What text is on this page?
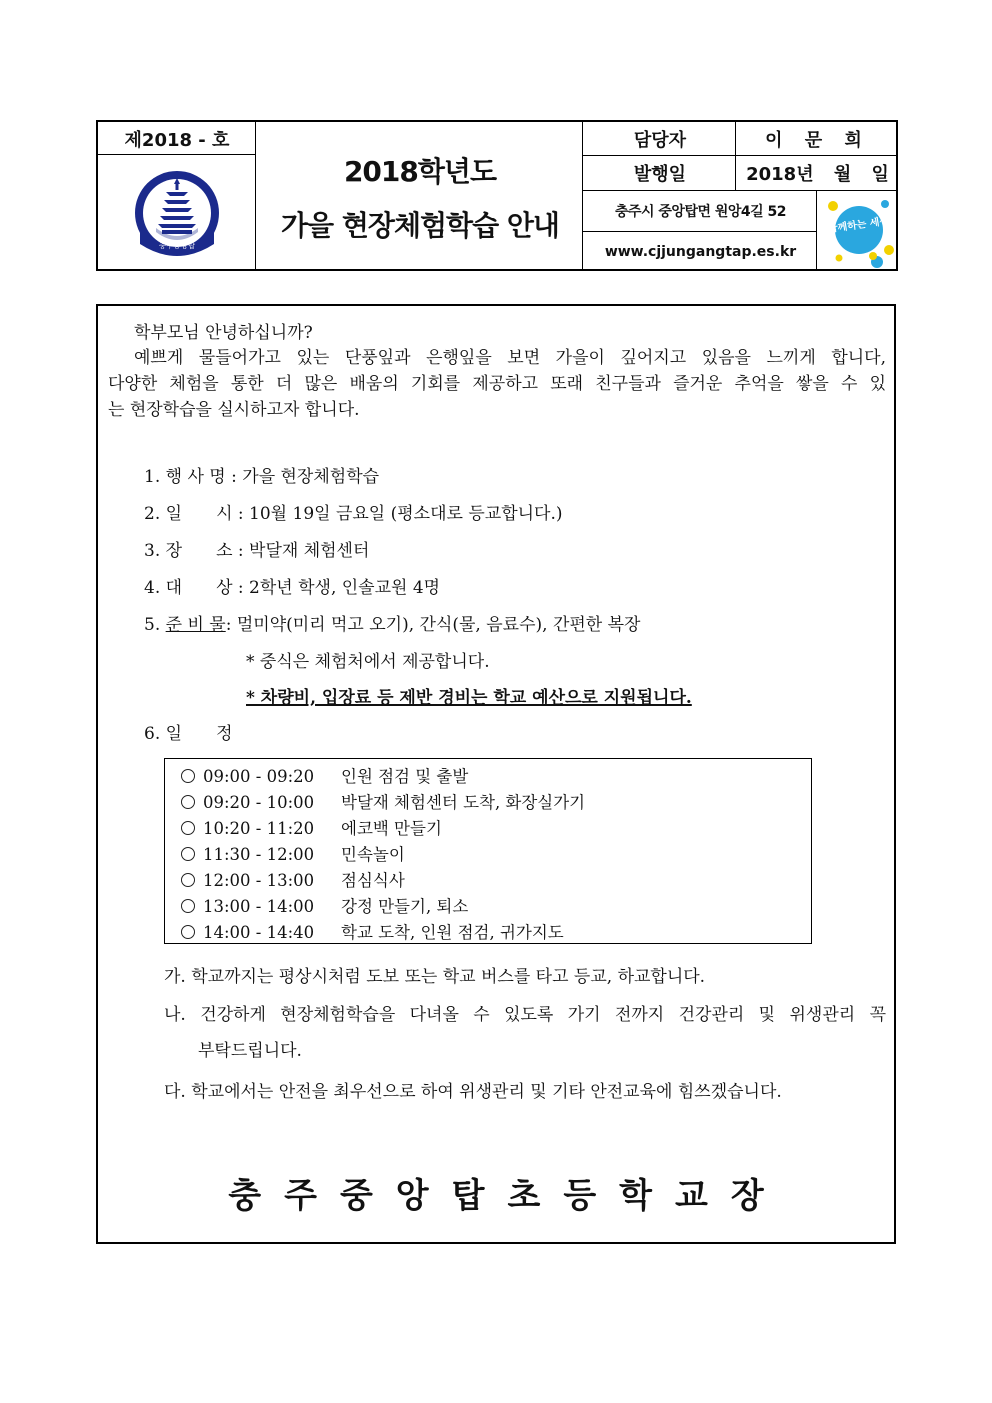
제2018 - 호
충주중앙탑
2018학년도
가을 현장체험학습 안내
담당자	이 문 희
발행일	2018년 월 일
충주시 중앙탑면 원앙4길 52
www.cjjungangtap.es.kr
함께하는 세상
학부모님 안녕하십니까?
예쁘게 물들어가고 있는 단풍잎과 은행잎을 보면 가을이 깊어지고 있음을 느끼게 합니다,
다양한 체험을 통한 더 많은 배움의 기회를 제공하고 또래 친구들과 즐거운 추억을 쌓을 수 있
는 현장학습을 실시하고자 합니다.
1. 행 사 명 : 가을 현장체험학습
2. 일　　시 : 10월 19일 금요일 (평소대로 등교합니다.)
3. 장　　소 : 박달재 체험센터
4. 대　　상 : 2학년 학생, 인솔교원 4명
5. 준 비 물: 멀미약(미리 먹고 오기), 간식(물, 음료수), 간편한 복장
* 중식은 체험처에서 제공합니다.
* 차량비, 입장료 등 제반 경비는 학교 예산으로 지원됩니다.
6. 일　　정
09:00 - 09:20 인원 점검 및 출발
09:20 - 10:00 박달재 체험센터 도착, 화장실가기
10:20 - 11:20 에코백 만들기
11:30 - 12:00 민속놀이
12:00 - 13:00 점심식사
13:00 - 14:00 강정 만들기, 퇴소
14:00 - 14:40 학교 도착, 인원 점검, 귀가지도
가. 학교까지는 평상시처럼 도보 또는 학교 버스를 타고 등교, 하교합니다.
나. 건강하게 현장체험학습을 다녀올 수 있도록 가기 전까지 건강관리 및 위생관리 꼭
부탁드립니다.
다. 학교에서는 안전을 최우선으로 하여 위생관리 및 기타 안전교육에 힘쓰겠습니다.
충주중앙탑초등학교장
